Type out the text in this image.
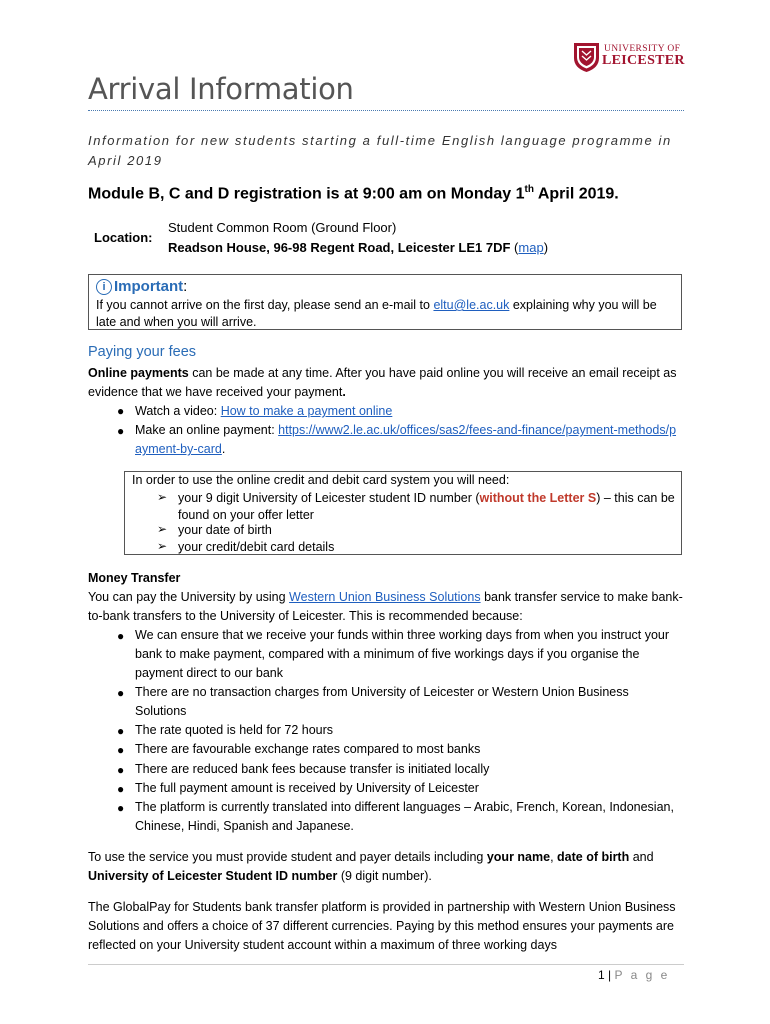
UNIVERSITY OF
LEICESTER
Arrival Information
Information for new students starting a full-time English language programme in April 2019
Module B, C and D registration is at 9:00 am on Monday 1th April 2019.
Location:
Student Common Room (Ground Floor)
Readson House, 96-98 Regent Road, Leicester LE1 7DF (map)
i Important:
If you cannot arrive on the first day, please send an e-mail to eltu@le.ac.uk explaining why you will be late and when you will arrive.
Paying your fees
Online payments can be made at any time. After you have paid online you will receive an email receipt as evidence that we have received your payment.
● Watch a video: How to make a payment online
● Make an online payment: https://www2.le.ac.uk/offices/sas2/fees-and-finance/payment-methods/payment-by-card.
In order to use the online credit and debit card system you will need:
➢ your 9 digit University of Leicester student ID number (without the Letter S) – this can be found on your offer letter
➢ your date of birth
➢ your credit/debit card details
Money Transfer
You can pay the University by using Western Union Business Solutions bank transfer service to make bank-to-bank transfers to the University of Leicester. This is recommended because:
● We can ensure that we receive your funds within three working days from when you instruct your bank to make payment, compared with a minimum of five workings days if you organise the payment direct to our bank
● There are no transaction charges from University of Leicester or Western Union Business Solutions
● The rate quoted is held for 72 hours
● There are favourable exchange rates compared to most banks
● There are reduced bank fees because transfer is initiated locally
● The full payment amount is received by University of Leicester
● The platform is currently translated into different languages – Arabic, French, Korean, Indonesian, Chinese, Hindi, Spanish and Japanese.
To use the service you must provide student and payer details including your name, date of birth and University of Leicester Student ID number (9 digit number).
The GlobalPay for Students bank transfer platform is provided in partnership with Western Union Business Solutions and offers a choice of 37 different currencies. Paying by this method ensures your payments are reflected on your University student account within a maximum of three working days
1 | P a g e
